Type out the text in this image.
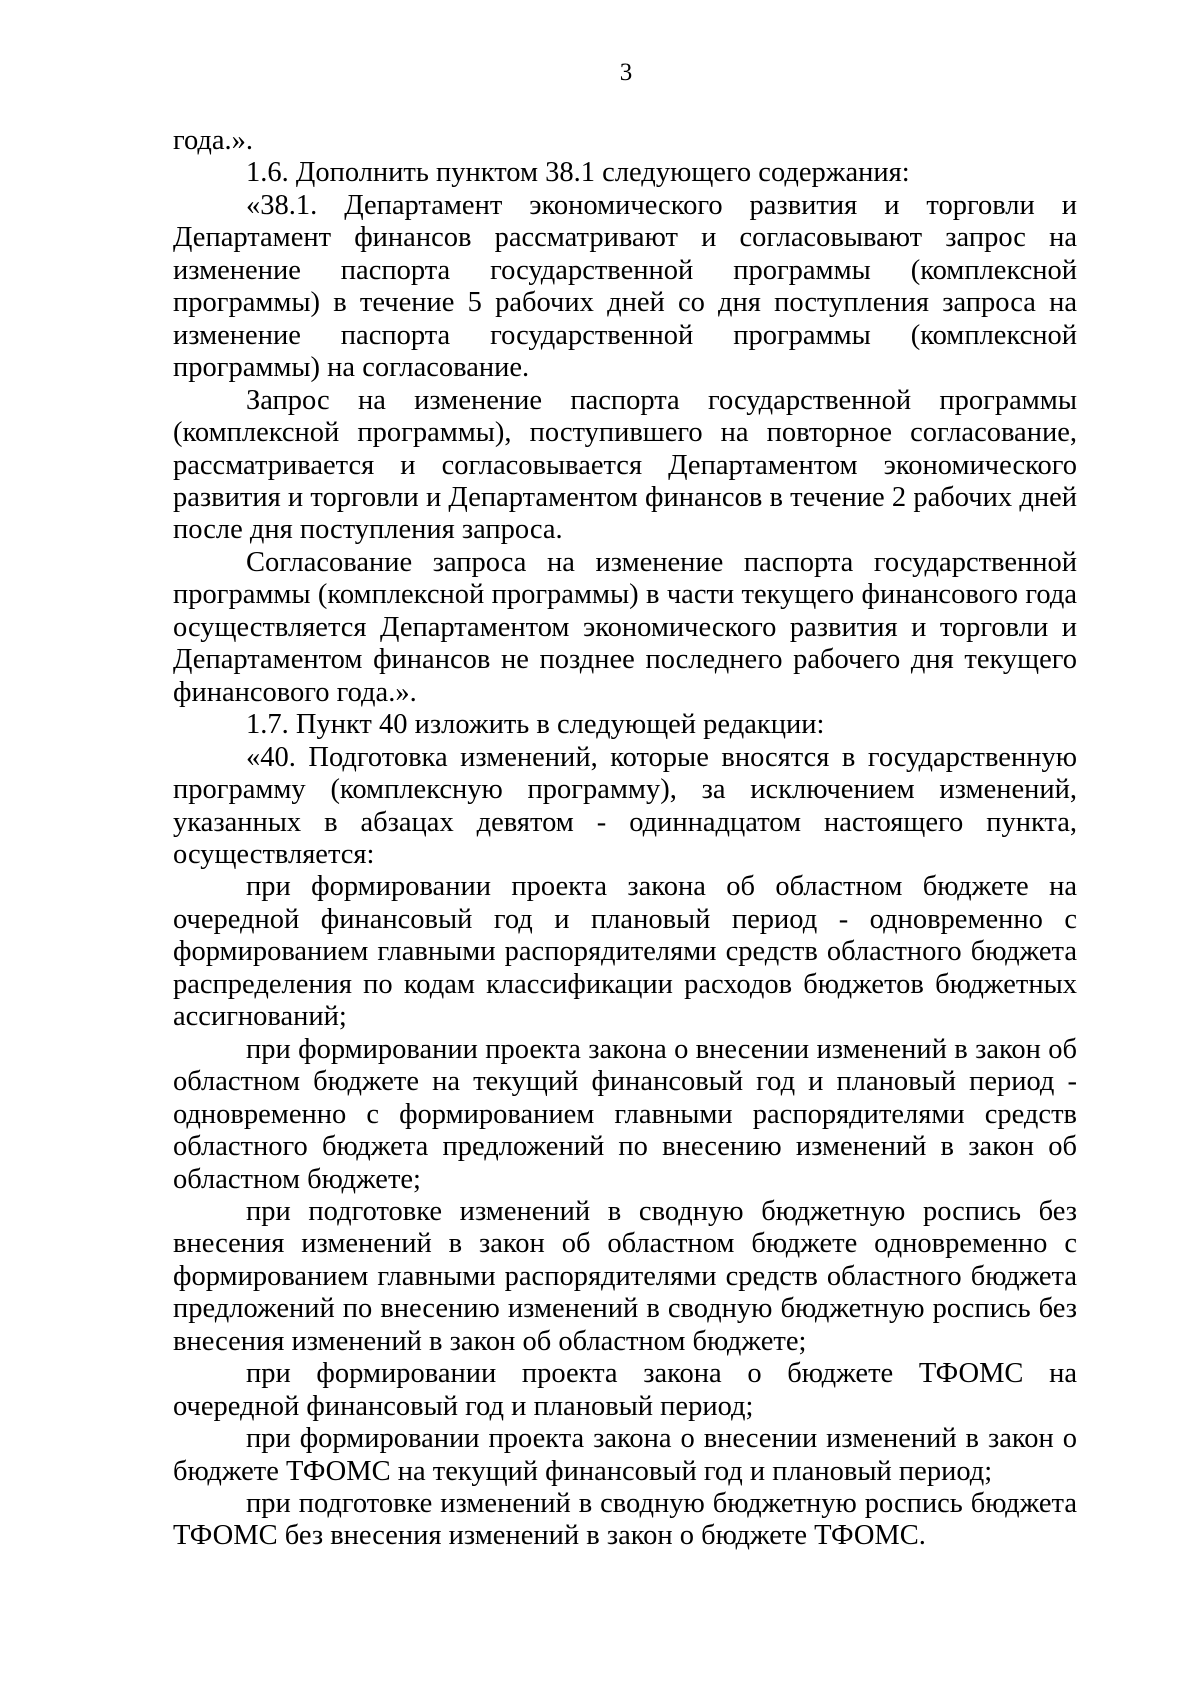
3

года.».

1.6. Дополнить пунктом 38.1 следующего содержания:

«38.1. Департамент экономического развития и торговли и Департамент финансов рассматривают и согласовывают запрос на изменение паспорта государственной программы (комплексной программы) в течение 5 рабочих дней со дня поступления запроса на изменение паспорта государственной программы (комплексной программы) на согласование.

Запрос на изменение паспорта государственной программы (комплексной программы), поступившего на повторное согласование, рассматривается и согласовывается Департаментом экономического развития и торговли и Департаментом финансов в течение 2 рабочих дней после дня поступления запроса.

Согласование запроса на изменение паспорта государственной программы (комплексной программы) в части текущего финансового года осуществляется Департаментом экономического развития и торговли и Департаментом финансов не позднее последнего рабочего дня текущего финансового года.».

1.7. Пункт 40 изложить в следующей редакции:

«40. Подготовка изменений, которые вносятся в государственную программу (комплексную программу), за исключением изменений, указанных в абзацах девятом - одиннадцатом настоящего пункта, осуществляется:

при формировании проекта закона об областном бюджете на очередной финансовый год и плановый период - одновременно с формированием главными распорядителями средств областного бюджета распределения по кодам классификации расходов бюджетов бюджетных ассигнований;

при формировании проекта закона о внесении изменений в закон об областном бюджете на текущий финансовый год и плановый период - одновременно с формированием главными распорядителями средств областного бюджета предложений по внесению изменений в закон об областном бюджете;

при подготовке изменений в сводную бюджетную роспись без внесения изменений в закон об областном бюджете одновременно с формированием главными распорядителями средств областного бюджета предложений по внесению изменений в сводную бюджетную роспись без внесения изменений в закон об областном бюджете;

при формировании проекта закона о бюджете ТФОМС на очередной финансовый год и плановый период;

при формировании проекта закона о внесении изменений в закон о бюджете ТФОМС на текущий финансовый год и плановый период;

при подготовке изменений в сводную бюджетную роспись бюджета ТФОМС без внесения изменений в закон о бюджете ТФОМС.
